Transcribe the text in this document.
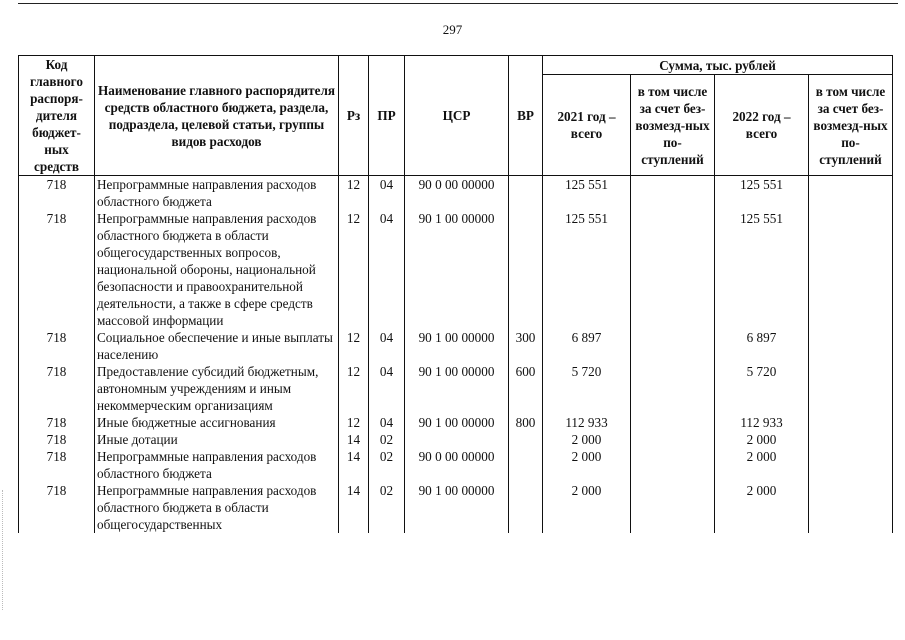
297
Код главного распоря-дителя бюджет-ных средств	Наименование главного распорядителя средств областного бюджета, раздела, подраздела, целевой статьи, группы видов расходов	Рз	ПР	ЦСР	ВР	Сумма, тыс. рублей			
						2021 год – всего	в том числе за счет без-возмезд-ных по-ступлений	2022 год – всего	в том числе за счет без-возмезд-ных по-ступлений
718	Непрограммные направления расходов областного бюджета	12	04	90 0 00 00000		125 551		125 551	
718	Непрограммные направления расходов областного бюджета в области общегосударственных вопросов, национальной обороны, национальной безопасности и правоохранительной деятельности, а также в сфере средств массовой информации	12	04	90 1 00 00000		125 551		125 551	
718	Социальное обеспечение и иные выплаты населению	12	04	90 1 00 00000	300	6 897		6 897	
718	Предоставление субсидий бюджетным, автономным учреждениям и иным некоммерческим организациям	12	04	90 1 00 00000	600	5 720		5 720	
718	Иные бюджетные ассигнования	12	04	90 1 00 00000	800	112 933		112 933	
718	Иные дотации	14	02			2 000		2 000	
718	Непрограммные направления расходов областного бюджета	14	02	90 0 00 00000		2 000		2 000	
718	Непрограммные направления расходов областного бюджета в области общегосударственных	14	02	90 1 00 00000		2 000		2 000	
